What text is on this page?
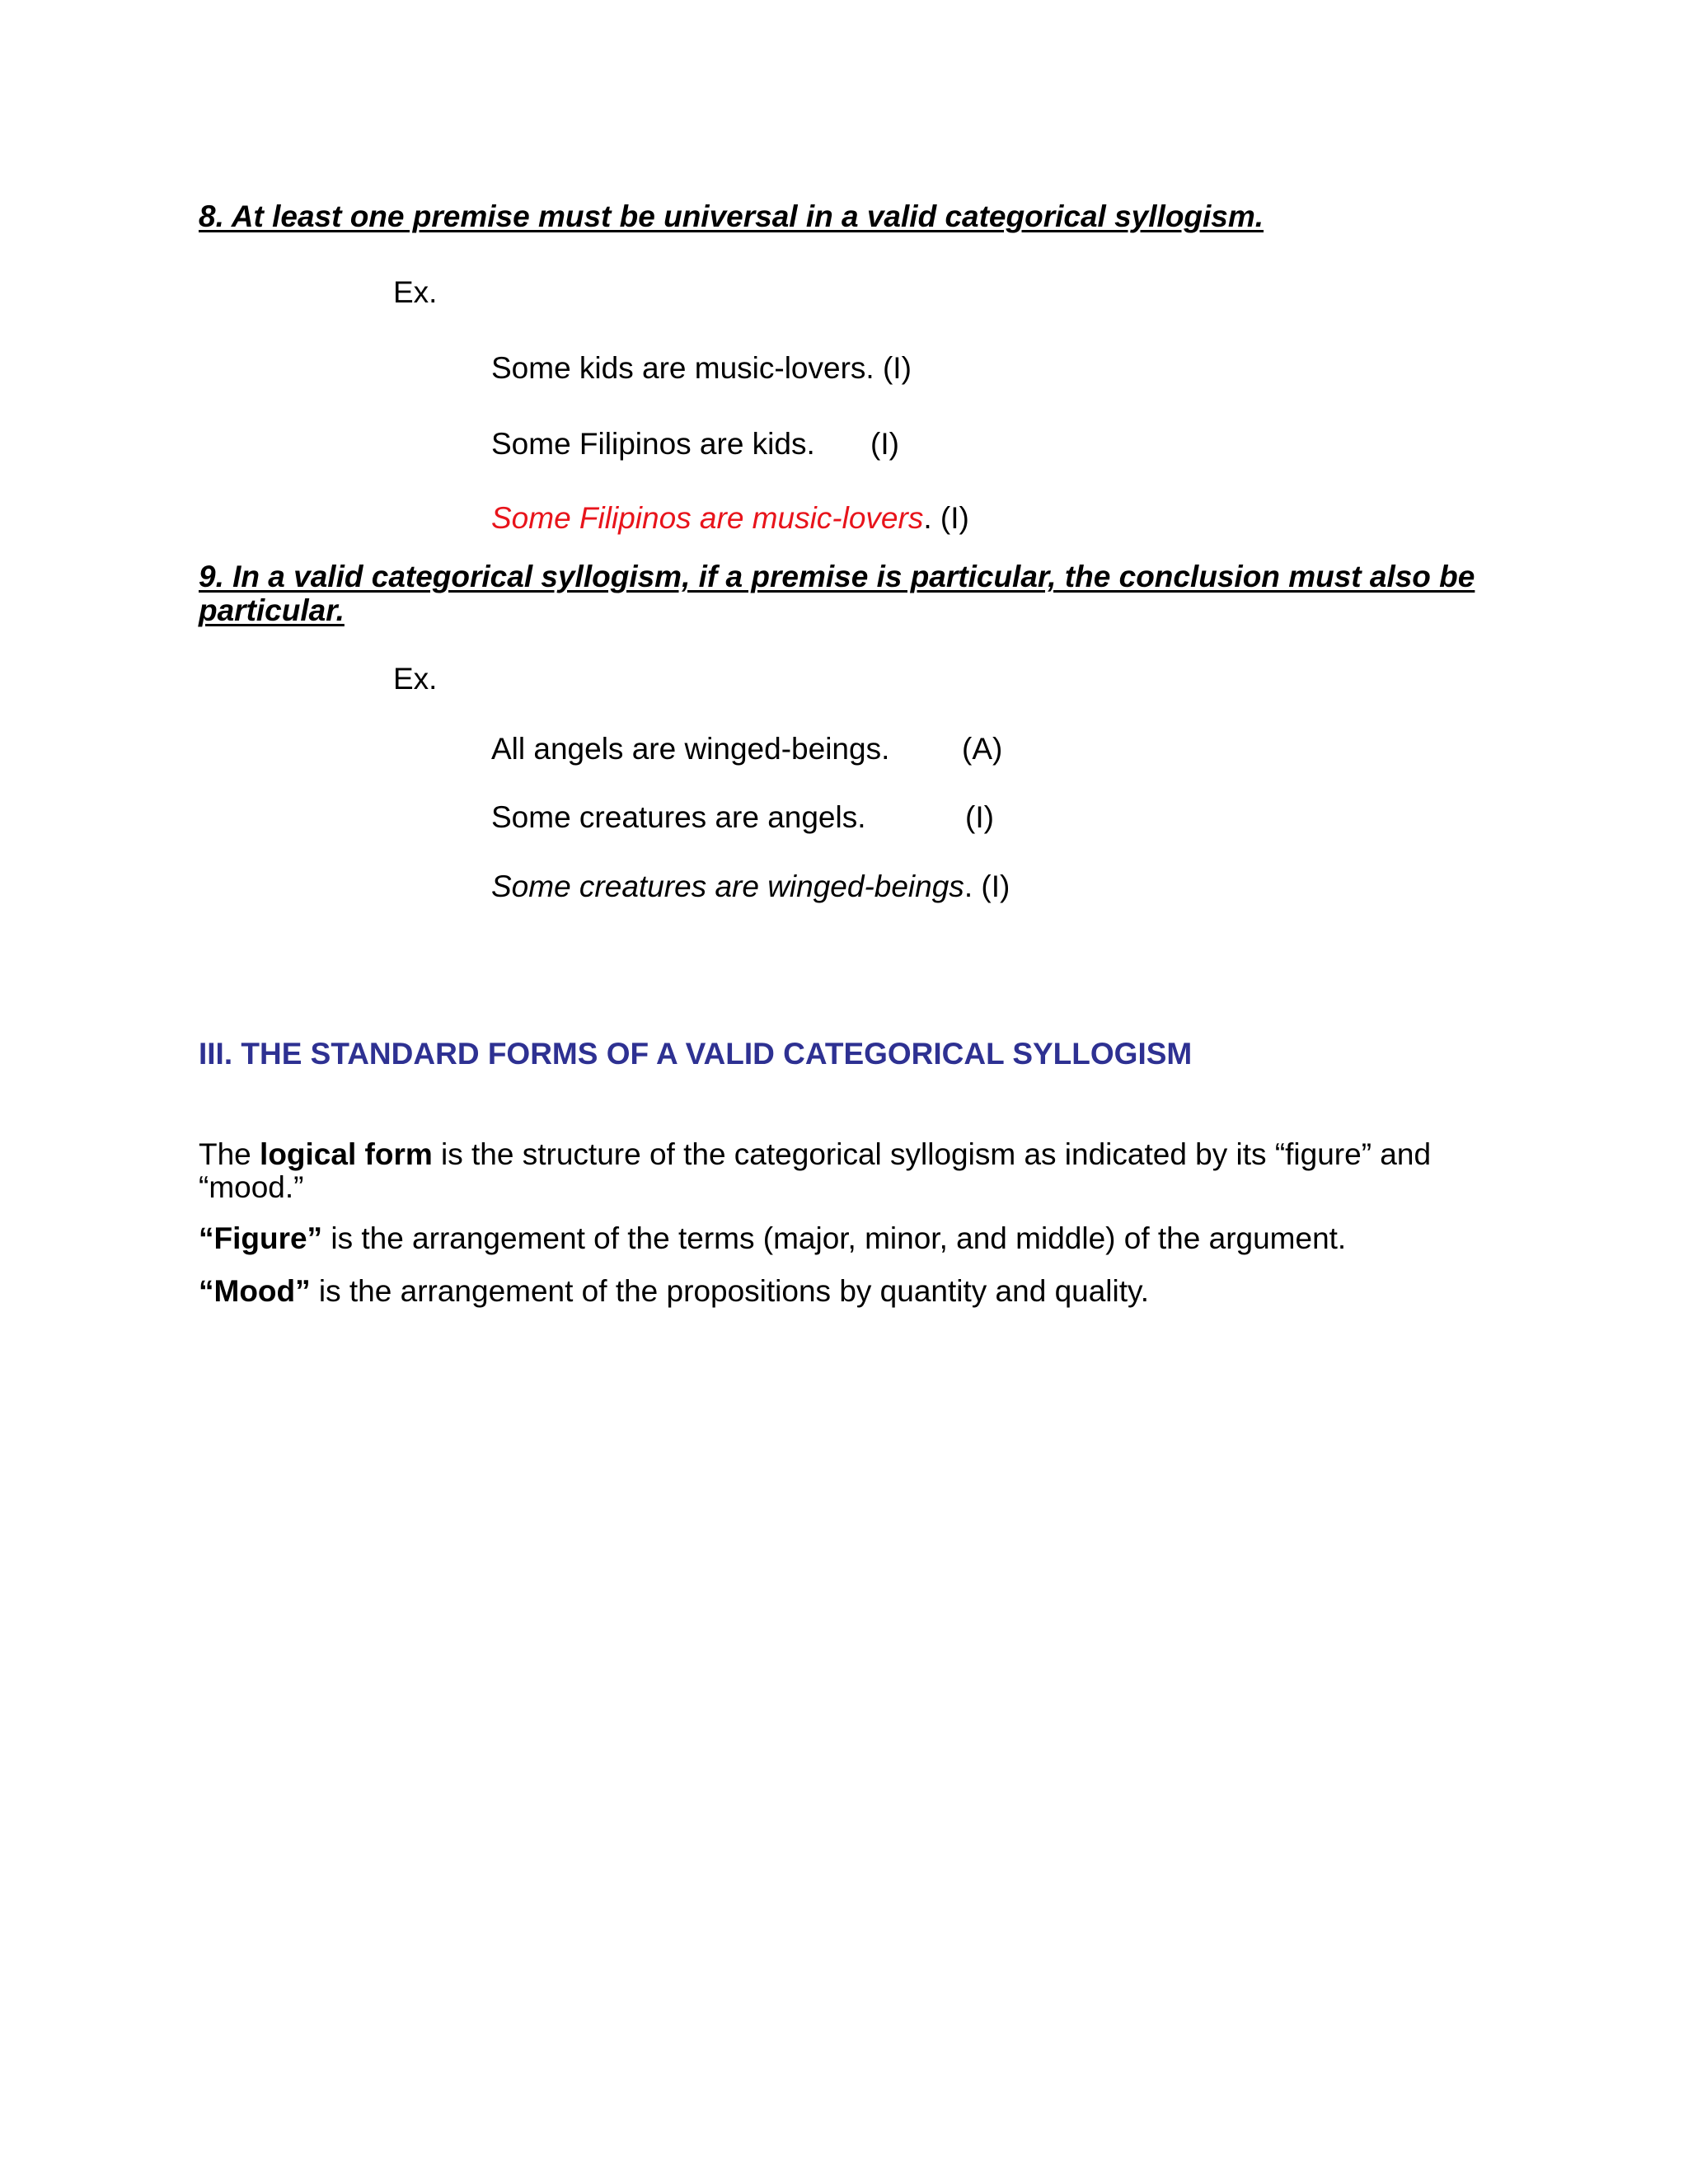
8. At least one premise must be universal in a valid categorical syllogism.
Ex.
Some kids are music-lovers. (I)
Some Filipinos are kids. (I)
Some Filipinos are music-lovers. (I)
9. In a valid categorical syllogism, if a premise is particular, the conclusion must also be particular.
Ex.
All angels are winged-beings. (A)
Some creatures are angels.	(I)
Some creatures are winged-beings. (I)
III. THE STANDARD FORMS OF A VALID CATEGORICAL SYLLOGISM
The logical form is the structure of the categorical syllogism as indicated by its “figure” and “mood.”
“Figure” is the arrangement of the terms (major, minor, and middle) of the argument.
“Mood” is the arrangement of the propositions by quantity and quality.
